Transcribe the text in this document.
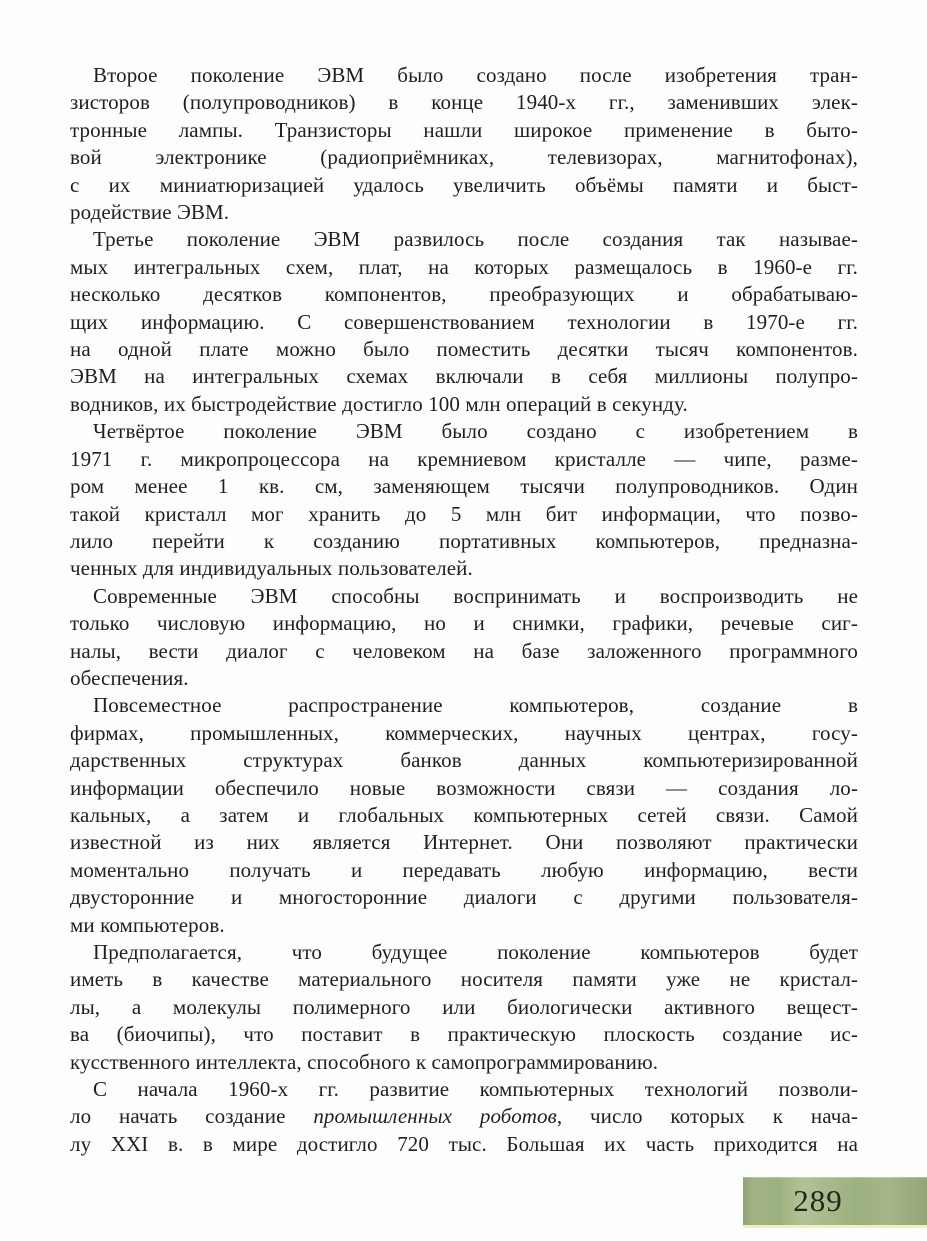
Второе поколение ЭВМ было создано после изобретения тран-
зисторов (полупроводников) в конце 1940-х гг., заменивших элек-
тронные лампы. Транзисторы нашли широкое применение в быто-
вой электронике (радиоприёмниках, телевизорах, магнитофонах),
с их миниатюризацией удалось увеличить объёмы памяти и быст-
родействие ЭВМ.
Третье поколение ЭВМ развилось после создания так называе-
мых интегральных схем, плат, на которых размещалось в 1960-е гг.
несколько десятков компонентов, преобразующих и обрабатываю-
щих информацию. С совершенствованием технологии в 1970-е гг.
на одной плате можно было поместить десятки тысяч компонентов.
ЭВМ на интегральных схемах включали в себя миллионы полупро-
водников, их быстродействие достигло 100 млн операций в секунду.
Четвёртое поколение ЭВМ было создано с изобретением в
1971 г. микропроцессора на кремниевом кристалле — чипе, разме-
ром менее 1 кв. см, заменяющем тысячи полупроводников. Один
такой кристалл мог хранить до 5 млн бит информации, что позво-
лило перейти к созданию портативных компьютеров, предназна-
ченных для индивидуальных пользователей.
Современные ЭВМ способны воспринимать и воспроизводить не
только числовую информацию, но и снимки, графики, речевые сиг-
налы, вести диалог с человеком на базе заложенного программного
обеспечения.
Повсеместное распространение компьютеров, создание в
фирмах, промышленных, коммерческих, научных центрах, госу-
дарственных структурах банков данных компьютеризированной
информации обеспечило новые возможности связи — создания ло-
кальных, а затем и глобальных компьютерных сетей связи. Самой
известной из них является Интернет. Они позволяют практически
моментально получать и передавать любую информацию, вести
двусторонние и многосторонние диалоги с другими пользователя-
ми компьютеров.
Предполагается, что будущее поколение компьютеров будет
иметь в качестве материального носителя памяти уже не кристал-
лы, а молекулы полимерного или биологически активного вещест-
ва (биочипы), что поставит в практическую плоскость создание ис-
кусственного интеллекта, способного к самопрограммированию.
С начала 1960-х гг. развитие компьютерных технологий позволи-
ло начать создание промышленных роботов, число которых к нача-
лу XXI в. в мире достигло 720 тыс. Большая их часть приходится на
289
